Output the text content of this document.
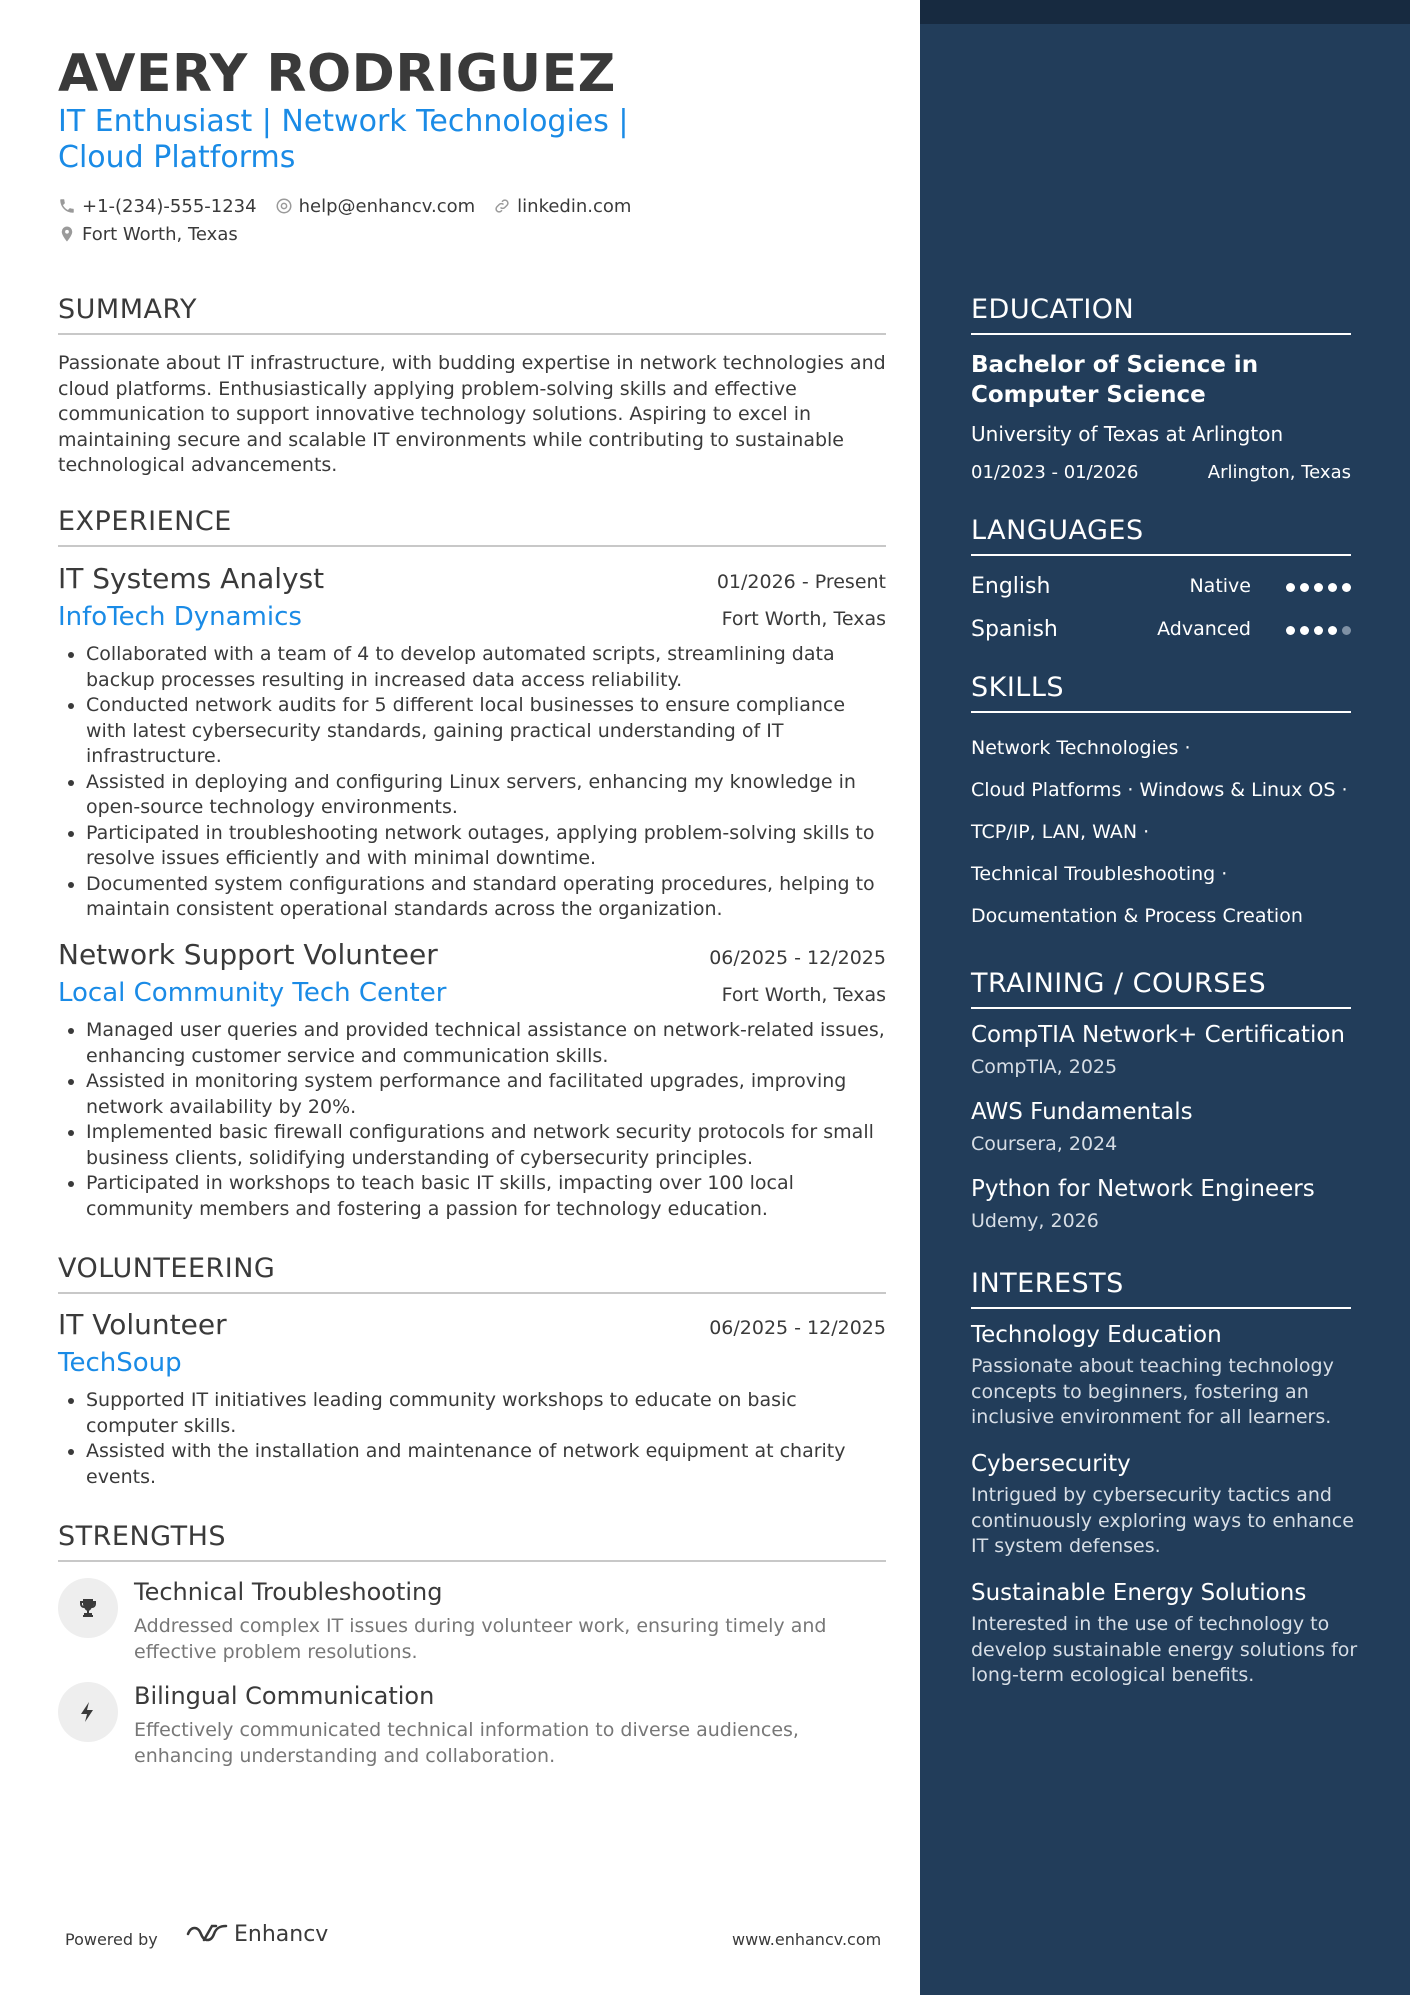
AVERY RODRIGUEZ
IT Enthusiast | Network Technologies | Cloud Platforms
+1-(234)-555-1234 help@enhancv.com linkedin.com
Fort Worth, Texas
SUMMARY
Passionate about IT infrastructure, with budding expertise in network technologies and cloud platforms. Enthusiastically applying problem-solving skills and effective communication to support innovative technology solutions. Aspiring to excel in maintaining secure and scalable IT environments while contributing to sustainable technological advancements.
EXPERIENCE
IT Systems Analyst	01/2026 - Present
InfoTech Dynamics	Fort Worth, Texas
• Collaborated with a team of 4 to develop automated scripts, streamlining data backup processes resulting in increased data access reliability.
• Conducted network audits for 5 different local businesses to ensure compliance with latest cybersecurity standards, gaining practical understanding of IT infrastructure.
• Assisted in deploying and configuring Linux servers, enhancing my knowledge in open-source technology environments.
• Participated in troubleshooting network outages, applying problem-solving skills to resolve issues efficiently and with minimal downtime.
• Documented system configurations and standard operating procedures, helping to maintain consistent operational standards across the organization.
Network Support Volunteer	06/2025 - 12/2025
Local Community Tech Center	Fort Worth, Texas
• Managed user queries and provided technical assistance on network-related issues, enhancing customer service and communication skills.
• Assisted in monitoring system performance and facilitated upgrades, improving network availability by 20%.
• Implemented basic firewall configurations and network security protocols for small business clients, solidifying understanding of cybersecurity principles.
• Participated in workshops to teach basic IT skills, impacting over 100 local community members and fostering a passion for technology education.
VOLUNTEERING
IT Volunteer	06/2025 - 12/2025
TechSoup
• Supported IT initiatives leading community workshops to educate on basic computer skills.
• Assisted with the installation and maintenance of network equipment at charity events.
STRENGTHS
Technical Troubleshooting
Addressed complex IT issues during volunteer work, ensuring timely and effective problem resolutions.
Bilingual Communication
Effectively communicated technical information to diverse audiences, enhancing understanding and collaboration.
Powered by	Enhancv	www.enhancv.com
EDUCATION
Bachelor of Science in Computer Science
University of Texas at Arlington
01/2023 - 01/2026	Arlington, Texas
LANGUAGES
English	Native
Spanish	Advanced
SKILLS
Network Technologies ·
Cloud Platforms · Windows & Linux OS ·
TCP/IP, LAN, WAN ·
Technical Troubleshooting ·
Documentation & Process Creation
TRAINING / COURSES
CompTIA Network+ Certification
CompTIA, 2025
AWS Fundamentals
Coursera, 2024
Python for Network Engineers
Udemy, 2026
INTERESTS
Technology Education
Passionate about teaching technology concepts to beginners, fostering an inclusive environment for all learners.
Cybersecurity
Intrigued by cybersecurity tactics and continuously exploring ways to enhance IT system defenses.
Sustainable Energy Solutions
Interested in the use of technology to develop sustainable energy solutions for long-term ecological benefits.
